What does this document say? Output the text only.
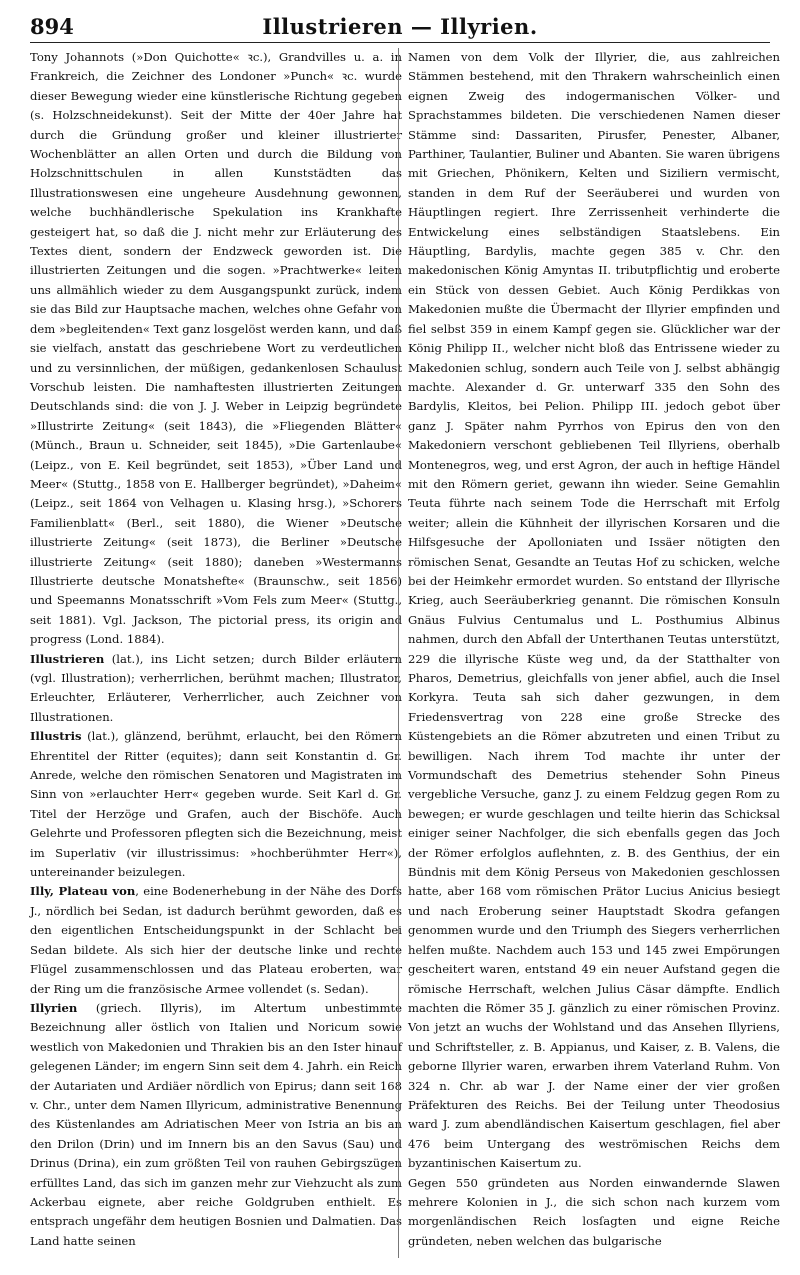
894	Illustrieren — Illyrien.

Tony Johannots (»Don Quichotte« ꝛc.), Grandvilles u. a. in Frankreich, die Zeichner des Londoner »Punch« ꝛc. wurde dieser Bewegung wieder eine künstlerische Richtung gegeben (s. Holzschneidekunst). Seit der Mitte der 40er Jahre hat durch die Gründung großer und kleiner illustrierter Wochenblätter an allen Orten und durch die Bildung von Holzschnittschulen in allen Kunststädten das Illustrationswesen eine ungeheure Ausdehnung gewonnen, welche buchhändlerische Spekulation ins Krankhafte gesteigert hat, so daß die J. nicht mehr zur Erläuterung des Textes dient, sondern der Endzweck geworden ist. Die illustrierten Zeitungen und die sogen. »Prachtwerke« leiten uns allmählich wieder zu dem Ausgangspunkt zurück, indem sie das Bild zur Hauptsache machen, welches ohne Gefahr von dem »begleitenden« Text ganz losgelöst werden kann, und daß sie vielfach, anstatt das geschriebene Wort zu verdeutlichen und zu versinnlichen, der müßigen, gedankenlosen Schaulust Vorschub leisten. Die namhaftesten illustrierten Zeitungen Deutschlands sind: die von J. J. Weber in Leipzig begründete »Illustrirte Zeitung« (seit 1843), die »Fliegenden Blätter« (Münch., Braun u. Schneider, seit 1845), »Die Gartenlaube« (Leipz., von E. Keil begründet, seit 1853), »Über Land und Meer« (Stuttg., 1858 von E. Hallberger begründet), »Daheim« (Leipz., seit 1864 von Velhagen u. Klasing hrsg.), »Schorers Familienblatt« (Berl., seit 1880), die Wiener »Deutsche illustrierte Zeitung« (seit 1873), die Berliner »Deutsche illustrierte Zeitung« (seit 1880); daneben »Westermanns Illustrierte deutsche Monatshefte« (Braunschw., seit 1856) und Speemanns Monatsschrift »Vom Fels zum Meer« (Stuttg., seit 1881). Vgl. Jackson, The pictorial press, its origin and progress (Lond. 1884).

Illustrieren (lat.), ins Licht setzen; durch Bilder erläutern (vgl. Illustration); verherrlichen, berühmt machen; Illustrator, Erleuchter, Erläuterer, Verherrlicher, auch Zeichner von Illustrationen.

Illustris (lat.), glänzend, berühmt, erlaucht, bei den Römern Ehrentitel der Ritter (equites); dann seit Konstantin d. Gr. Anrede, welche den römischen Senatoren und Magistraten im Sinn von »erlauchter Herr« gegeben wurde. Seit Karl d. Gr. Titel der Herzöge und Grafen, auch der Bischöfe. Auch Gelehrte und Professoren pflegten sich die Bezeichnung, meist im Superlativ (vir illustrissimus: »hochberühmter Herr«), untereinander beizulegen.

Illy, Plateau von, eine Bodenerhebung in der Nähe des Dorfs J., nördlich bei Sedan, ist dadurch berühmt geworden, daß es den eigentlichen Entscheidungspunkt in der Schlacht bei Sedan bildete. Als sich hier der deutsche linke und rechte Flügel zusammenschlossen und das Plateau eroberten, war der Ring um die französische Armee vollendet (s. Sedan).

Illyrien (griech. Illyris), im Altertum unbestimmte Bezeichnung aller östlich von Italien und Noricum sowie westlich von Makedonien und Thrakien bis an den Ister hinauf gelegenen Länder; im engern Sinn seit dem 4. Jahrh. ein Reich der Autariaten und Ardiäer nördlich von Epirus; dann seit 168 v. Chr., unter dem Namen Illyricum, administrative Benennung des Küstenlandes am Adriatischen Meer von Istria an bis an den Drilon (Drin) und im Innern bis an den Savus (Sau) und Drinus (Drina), ein zum größten Teil von rauhen Gebirgszügen erfülltes Land, das sich im ganzen mehr zur Viehzucht als zum Ackerbau eignete, aber reiche Goldgruben enthielt. Es entsprach ungefähr dem heutigen Bosnien und Dalmatien. Das Land hatte seinen

Namen von dem Volk der Illyrier, die, aus zahlreichen Stämmen bestehend, mit den Thrakern wahrscheinlich einen eignen Zweig des indogermanischen Völker- und Sprachstammes bildeten. Die verschiedenen Namen dieser Stämme sind: Dassariten, Pirusfer, Penester, Albaner, Parthiner, Taulantier, Buliner und Abanten. Sie waren übrigens mit Griechen, Phönikern, Kelten und Siziliern vermischt, standen in dem Ruf der Seeräuberei und wurden von Häuptlingen regiert. Ihre Zerrissenheit verhinderte die Entwickelung eines selbständigen Staatslebens. Ein Häuptling, Bardylis, machte gegen 385 v. Chr. den makedonischen König Amyntas II. tributpflichtig und eroberte ein Stück von dessen Gebiet. Auch König Perdikkas von Makedonien mußte die Übermacht der Illyrier empfinden und fiel selbst 359 in einem Kampf gegen sie. Glücklicher war der König Philipp II., welcher nicht bloß das Entrissene wieder zu Makedonien schlug, sondern auch Teile von J. selbst abhängig machte. Alexander d. Gr. unterwarf 335 den Sohn des Bardylis, Kleitos, bei Pelion. Philipp III. jedoch gebot über ganz J. Später nahm Pyrrhos von Epirus den von den Makedoniern verschont gebliebenen Teil Illyriens, oberhalb Montenegros, weg, und erst Agron, der auch in heftige Händel mit den Römern geriet, gewann ihn wieder. Seine Gemahlin Teuta führte nach seinem Tode die Herrschaft mit Erfolg weiter; allein die Kühnheit der illyrischen Korsaren und die Hilfsgesuche der Apolloniaten und Issäer nötigten den römischen Senat, Gesandte an Teutas Hof zu schicken, welche bei der Heimkehr ermordet wurden. So entstand der Illyrische Krieg, auch Seeräuberkrieg genannt. Die römischen Konsuln Gnäus Fulvius Centumalus und L. Posthumius Albinus nahmen, durch den Abfall der Unterthanen Teutas unterstützt, 229 die illyrische Küste weg und, da der Statthalter von Pharos, Demetrius, gleichfalls von jener abfiel, auch die Insel Korkyra. Teuta sah sich daher gezwungen, in dem Friedensvertrag von 228 eine große Strecke des Küstengebiets an die Römer abzutreten und einen Tribut zu bewilligen. Nach ihrem Tod machte ihr unter der Vormundschaft des Demetrius stehender Sohn Pineus vergebliche Versuche, ganz J. zu einem Feldzug gegen Rom zu bewegen; er wurde geschlagen und teilte hierin das Schicksal einiger seiner Nachfolger, die sich ebenfalls gegen das Joch der Römer erfolglos auflehnten, z. B. des Genthius, der ein Bündnis mit dem König Perseus von Makedonien geschlossen hatte, aber 168 vom römischen Prätor Lucius Anicius besiegt und nach Eroberung seiner Hauptstadt Skodra gefangen genommen wurde und den Triumph des Siegers verherrlichen helfen mußte. Nachdem auch 153 und 145 zwei Empörungen gescheitert waren, entstand 49 ein neuer Aufstand gegen die römische Herrschaft, welchen Julius Cäsar dämpfte. Endlich machten die Römer 35 J. gänzlich zu einer römischen Provinz. Von jetzt an wuchs der Wohlstand und das Ansehen Illyriens, und Schriftsteller, z. B. Appianus, und Kaiser, z. B. Valens, die geborne Illyrier waren, erwarben ihrem Vaterland Ruhm. Von 324 n. Chr. ab war J. der Name einer der vier großen Präfekturen des Reichs. Bei der Teilung unter Theodosius ward J. zum abendländischen Kaisertum geschlagen, fiel aber 476 beim Untergang des weströmischen Reichs dem byzantinischen Kaisertum zu.

Gegen 550 gründeten aus Norden einwandernde Slawen mehrere Kolonien in J., die sich schon nach kurzem vom morgenländischen Reich losſagten und eigne Reiche gründeten, neben welchen das bulgarische
